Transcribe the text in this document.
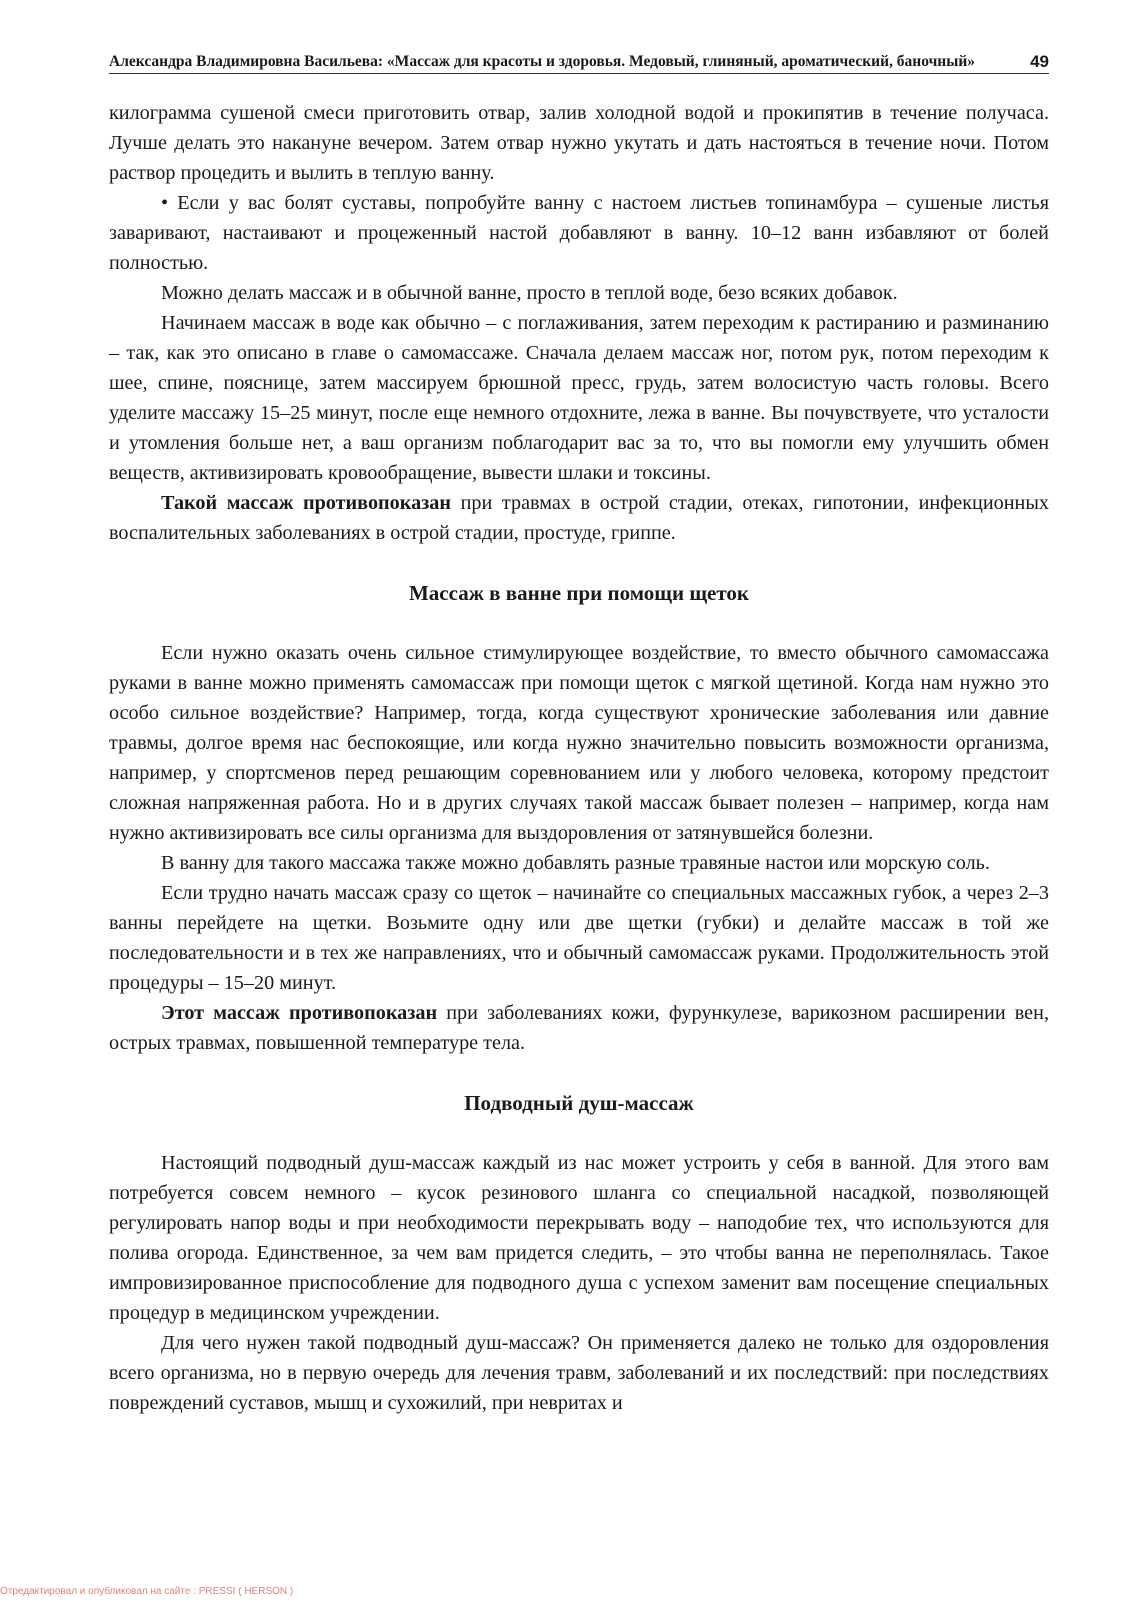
Александра Владимировна Васильева: «Массаж для красоты и здоровья. Медовый, глиняный, ароматический, баночный»	49

килограмма сушеной смеси приготовить отвар, залив холодной водой и прокипятив в течение получаса. Лучше делать это накануне вечером. Затем отвар нужно укутать и дать настояться в течение ночи. Потом раствор процедить и вылить в теплую ванну.

• Если у вас болят суставы, попробуйте ванну с настоем листьев топинамбура – сушеные листья заваривают, настаивают и процеженный настой добавляют в ванну. 10–12 ванн избавляют от болей полностью.

Можно делать массаж и в обычной ванне, просто в теплой воде, безо всяких добавок.

Начинаем массаж в воде как обычно – с поглаживания, затем переходим к растиранию и разминанию – так, как это описано в главе о самомассаже. Сначала делаем массаж ног, потом рук, потом переходим к шее, спине, пояснице, затем массируем брюшной пресс, грудь, затем волосистую часть головы. Всего уделите массажу 15–25 минут, после еще немного отдохните, лежа в ванне. Вы почувствуете, что усталости и утомления больше нет, а ваш организм поблагодарит вас за то, что вы помогли ему улучшить обмен веществ, активизировать кровообращение, вывести шлаки и токсины.

Такой массаж противопоказан при травмах в острой стадии, отеках, гипотонии, инфекционных воспалительных заболеваниях в острой стадии, простуде, гриппе.

Массаж в ванне при помощи щеток

Если нужно оказать очень сильное стимулирующее воздействие, то вместо обычного самомассажа руками в ванне можно применять самомассаж при помощи щеток с мягкой щетиной. Когда нам нужно это особо сильное воздействие? Например, тогда, когда существуют хронические заболевания или давние травмы, долгое время нас беспокоящие, или когда нужно значительно повысить возможности организма, например, у спортсменов перед решающим соревнованием или у любого человека, которому предстоит сложная напряженная работа. Но и в других случаях такой массаж бывает полезен – например, когда нам нужно активизировать все силы организма для выздоровления от затянувшейся болезни.

В ванну для такого массажа также можно добавлять разные травяные настои или морскую соль.

Если трудно начать массаж сразу со щеток – начинайте со специальных массажных губок, а через 2–3 ванны перейдете на щетки. Возьмите одну или две щетки (губки) и делайте массаж в той же последовательности и в тех же направлениях, что и обычный самомассаж руками. Продолжительность этой процедуры – 15–20 минут.

Этот массаж противопоказан при заболеваниях кожи, фурункулезе, варикозном расширении вен, острых травмах, повышенной температуре тела.

Подводный душ-массаж

Настоящий подводный душ-массаж каждый из нас может устроить у себя в ванной. Для этого вам потребуется совсем немного – кусок резинового шланга со специальной насадкой, позволяющей регулировать напор воды и при необходимости перекрывать воду – наподобие тех, что используются для полива огорода. Единственное, за чем вам придется следить, – это чтобы ванна не переполнялась. Такое импровизированное приспособление для подводного душа с успехом заменит вам посещение специальных процедур в медицинском учреждении.

Для чего нужен такой подводный душ-массаж? Он применяется далеко не только для оздоровления всего организма, но в первую очередь для лечения травм, заболеваний и их последствий: при последствиях повреждений суставов, мышц и сухожилий, при невритах и

Отредактировал и опубликовал на сайте : PRESSI ( HERSON )
